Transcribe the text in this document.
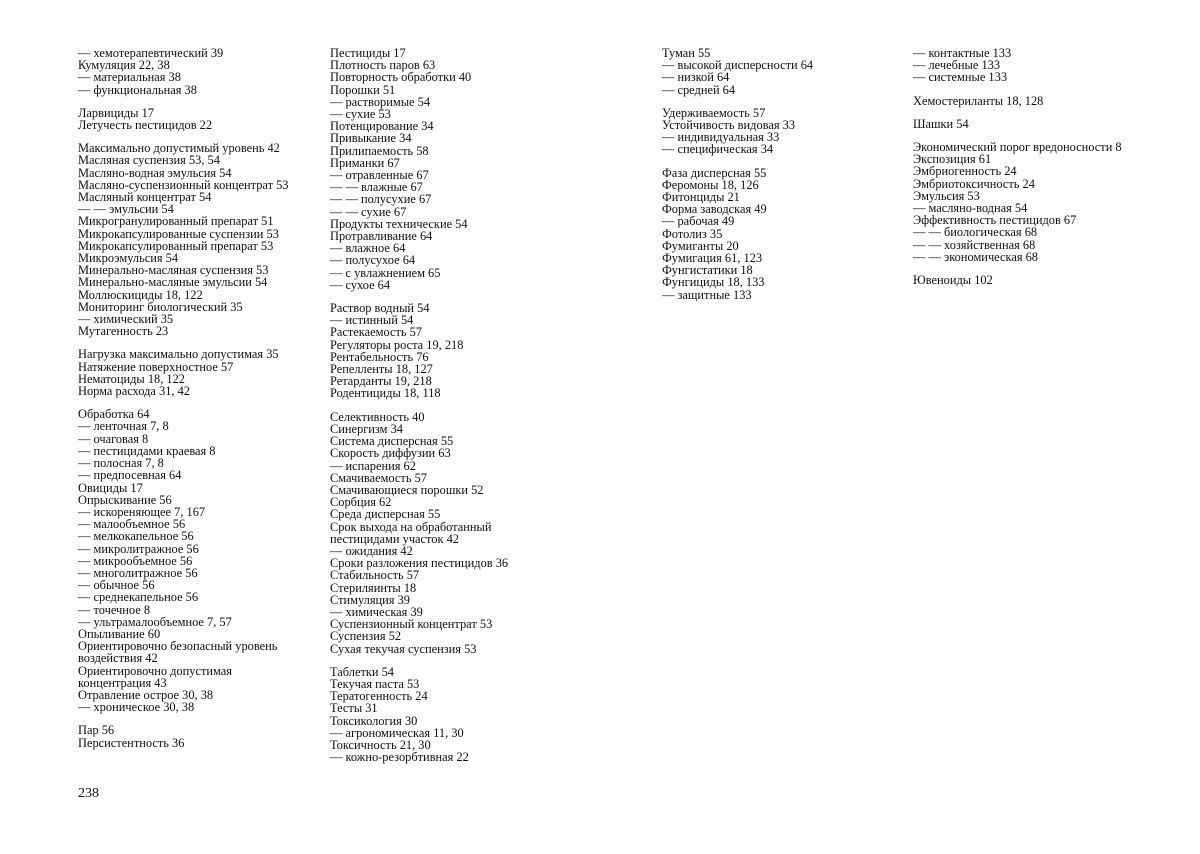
— хемотерапевтический 39
Кумуляция 22, 38
— материальная 38
— функциональная 38
Ларвициды 17
Летучесть пестицидов 22
Максимально допустимый уровень 42
Масляная суспензия 53, 54
Масляно-водная эмульсия 54
Масляно-суспензионный концентрат 53
Масляный концентрат 54
— — эмульсии 54
Микрогранулированный препарат 51
Микрокапсулированные суспензии 53
Микрокапсулированный препарат 53
Микроэмульсия 54
Минерально-масляная суспензия 53
Минерально-масляные эмульсии 54
Моллюскициды 18, 122
Мониторинг биологический 35
— химический 35
Мутагенность 23
Нагрузка максимально допустимая 35
Натяжение поверхностное 57
Нематоциды 18, 122
Норма расхода 31, 42
Обработка 64
— ленточная 7, 8
— очаговая 8
— пестицидами краевая 8
— полосная 7, 8
— предпосевная 64
Овициды 17
Опрыскивание 56
— искореняющее 7, 167
— малообъемное 56
— мелкокапельное 56
— микролитражное 56
— микрообъемное 56
— многолитражное 56
— обычное 56
— среднекапельное 56
— точечное 8
— ультрамалообъемное 7, 57
Опыливание 60
Ориентировочно безопасный уровень воздействия 42
Ориентировочно допустимая концентрация 43
Отравление острое 30, 38
— хроническое 30, 38
Пар 56
Персистентность 36
Пестициды 17
Плотность паров 63
Повторность обработки 40
Порошки 51
— растворимые 54
— сухие 53
Потенцирование 34
Привыкание 34
Прилипаемость 58
Приманки 67
— отравленные 67
— — влажные 67
— — полусухие 67
— — сухие 67
Продукты технические 54
Протравливание 64
— влажное 64
— полусухое 64
— с увлажнением 65
— сухое 64
Раствор водный 54
— истинный 54
Растекаемость 57
Регуляторы роста 19, 218
Рентабельность 76
Репелленты 18, 127
Ретарданты 19, 218
Родентициды 18, 118
Селективность 40
Синергизм 34
Система дисперсная 55
Скорость диффузии 63
— испарения 62
Смачиваемость 57
Смачивающиеся порошки 52
Сорбция 62
Среда дисперсная 55
Срок выхода на обработанный пестицидами участок 42
— ожидания 42
Сроки разложения пестицидов 36
Стабильность 57
Стериляинты 18
Стимуляция 39
— химическая 39
Суспензионный концентрат 53
Суспензия 52
Сухая текучая суспензия 53
Таблетки 54
Текучая паста 53
Тератогенность 24
Тесты 31
Токсикология 30
— агрономическая 11, 30
Токсичность 21, 30
— кожно-резорбтивная 22
Туман 55
— высокой дисперсности 64
— низкой 64
— средней 64
Удерживаемость 57
Устойчивость видовая 33
— индивидуальная 33
— специфическая 34
Фаза дисперсная 55
Феромоны 18, 126
Фитонциды 21
Форма заводская 49
— рабочая 49
Фотолиз 35
Фумиганты 20
Фумигация 61, 123
Фунгистатики 18
Фунгициды 18, 133
— защитные 133
— контактные 133
— лечебные 133
— системные 133
Хемостериланты 18, 128
Шашки 54
Экономический порог вредоносности 8
Экспозиция 61
Эмбриогенность 24
Эмбриотоксичность 24
Эмульсия 53
— масляно-водная 54
Эффективность пестицидов 67
— — биологическая 68
— — хозяйственная 68
— — экономическая 68
Ювеноиды 102
238
